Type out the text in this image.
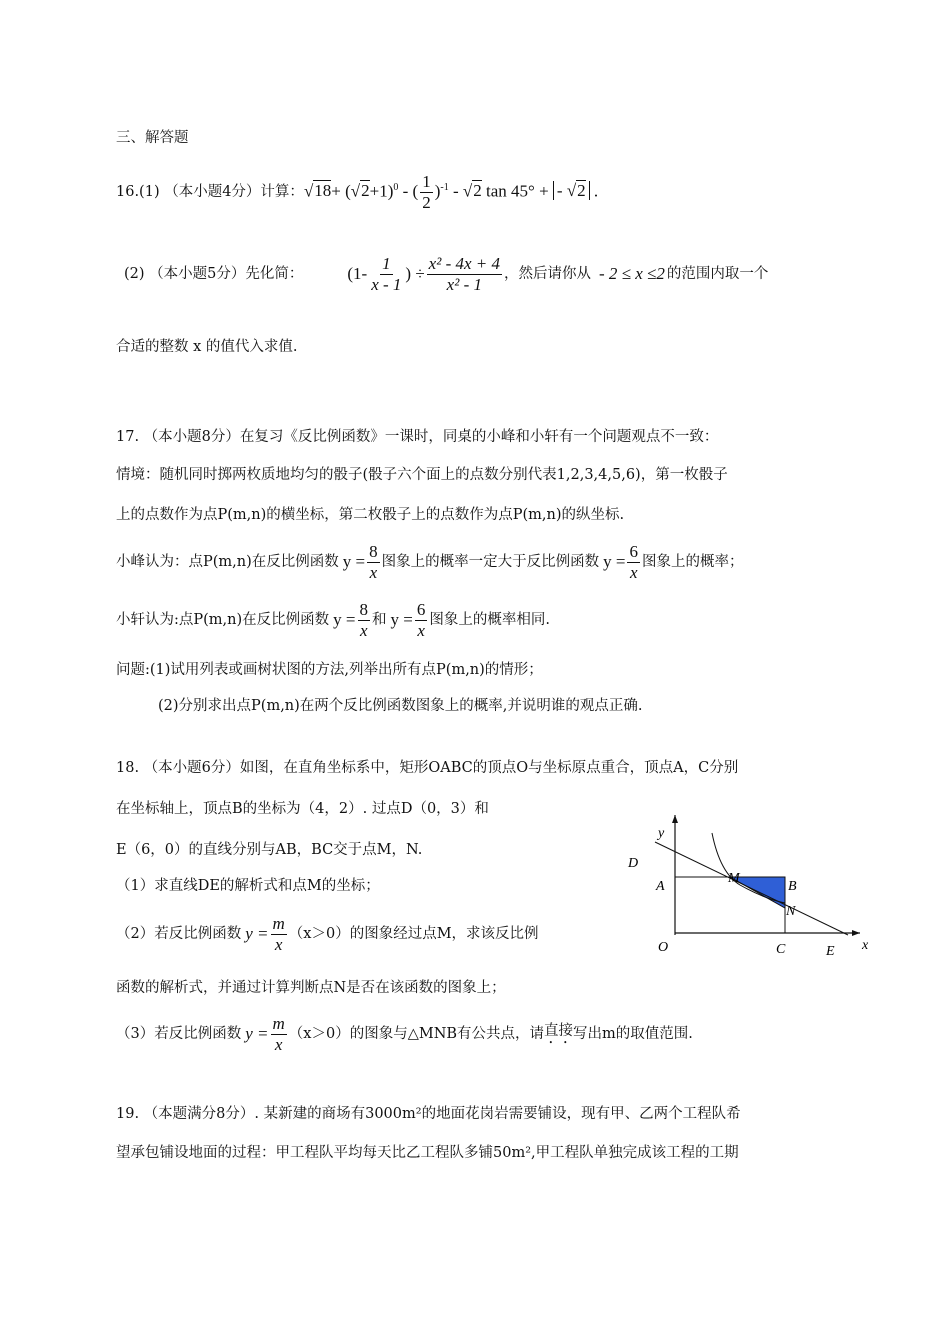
三、解答题
16.(1) （本小题4分）计算： $√18+ (√2+1)^0$ - ( $\frac{1}{2} )^{-1} - √2$ tan 45° + - √2 .
(2) （本小题5分）先化简：	($1- \frac{1}{x - 1}$ ) ÷ $\frac{\text{x² - 4x + 4}}{\text{x² - 1}}$ ，然后请你从 - 2 ≤ x ≤2 的范围内取一个
合适的整数 x 的值代入求值.
17. （本小题8分）在复习《反比例函数》一课时，同桌的小峰和小轩有一个问题观点不一致：
情境：随机同时掷两枚质地均匀的骰子(骰子六个面上的点数分别代表1,2,3,4,5,6)，第一枚骰子
上的点数作为点P(m,n)的横坐标，第二枚骰子上的点数作为点P(m,n)的纵坐标.
小峰认为：点P(m,n)在反比例函数 $y = \frac{8}{x}$ 图象上的概率一定大于反比例函数 $y = \frac{6}{x}$ 图象上的概率；
小轩认为:点P(m,n)在反比例函数 $y = \frac{8}{x}$ 和 $y = \frac{6}{x}$ 图象上的概率相同.
问题:(1)试用列表或画树状图的方法,列举出所有点P(m,n)的情形；
(2)分别求出点P(m,n)在两个反比例函数图象上的概率,并说明谁的观点正确.
18. （本小题6分）如图，在直角坐标系中，矩形OABC的顶点O与坐标原点重合，顶点A，C分别
在坐标轴上，顶点B的坐标为（4，2）. 过点D（0，3）和
E（6，0）的直线分别与AB，BC交于点M，N.
（1）求直线DE的解析式和点M的坐标；
（2）若反比例函数 $y = \frac{m}{x} (x>0)$的图象经过点M，求该反比例
函数的解析式，并通过计算判断点N是否在该函数的图象上；
（3）若反比例函数 $y = \frac{m}{x} (x>0)$的图象与△MNB有公共点，请 直接 写出m的取值范围.
y
D
A
M
B
N
O	C	E x
19. （本题满分8分）. 某新建的商场有3000m²的地面花岗岩需要铺设，现有甲、乙两个工程队希
望承包铺设地面的过程：甲工程队平均每天比乙工程队多铺50m²,甲工程队单独完成该工程的工期
